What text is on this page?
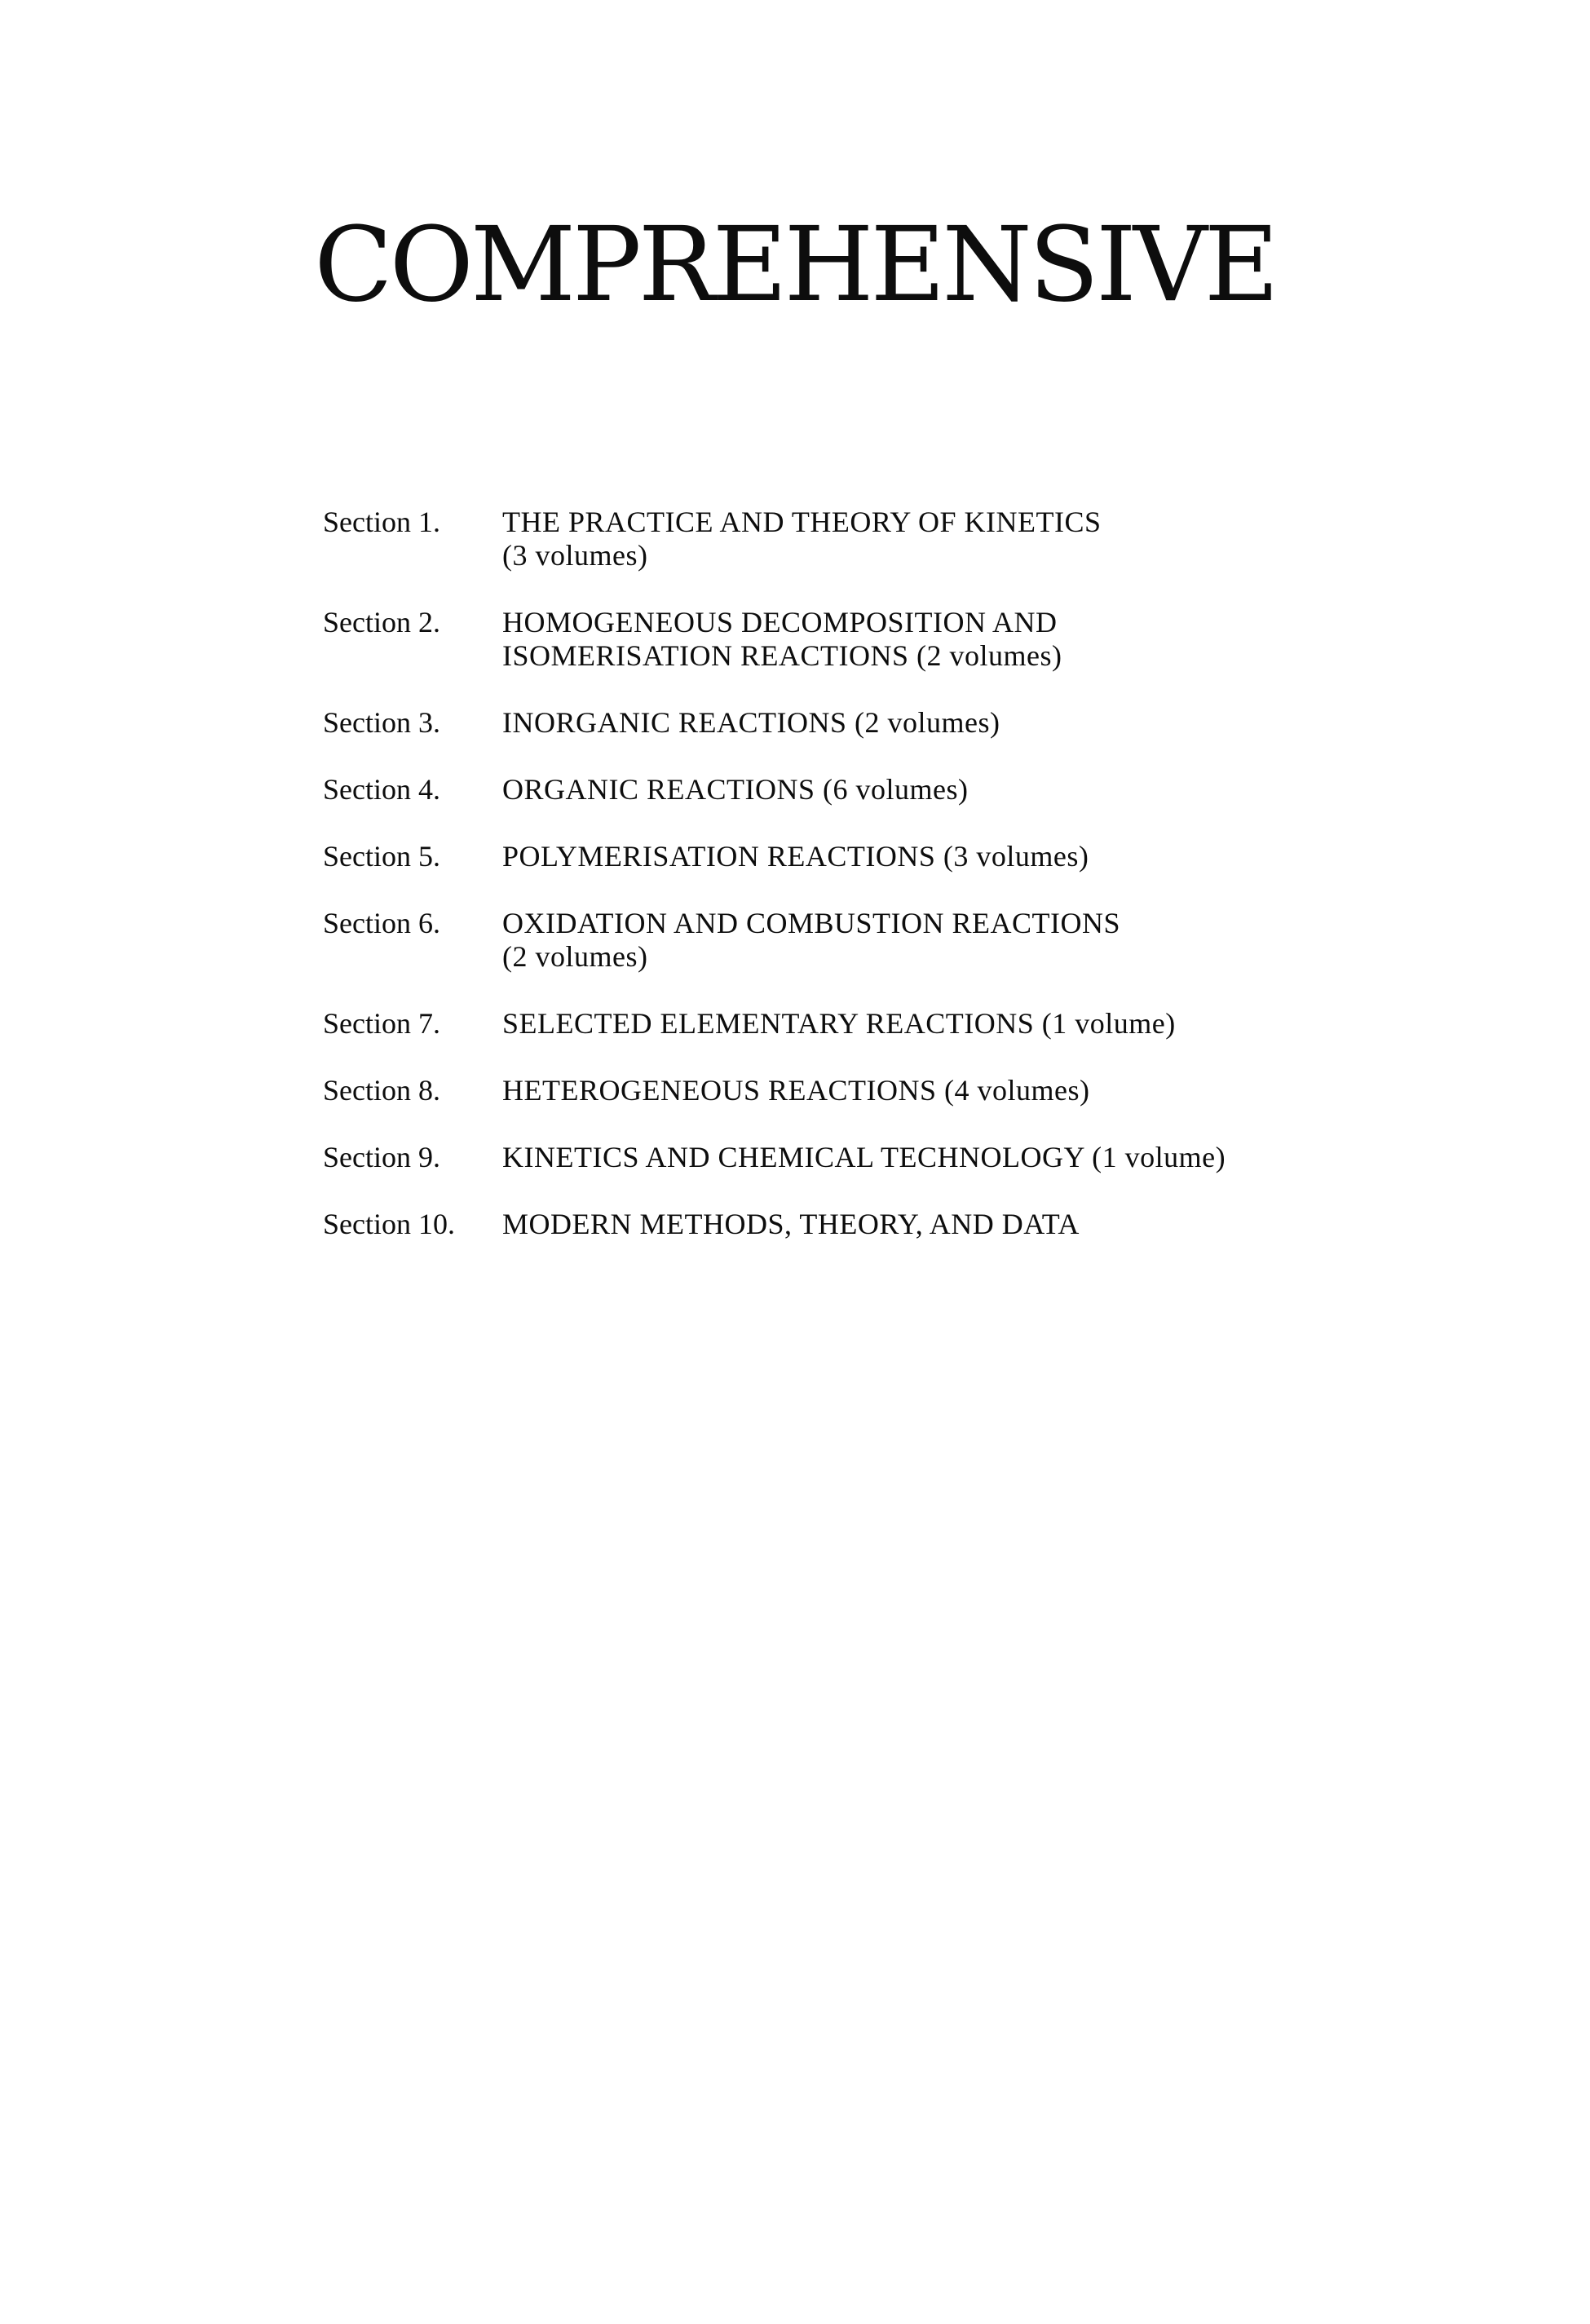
COMPREHENSIVE
Section 1.	THE PRACTICE AND THEORY OF KINETICS
(3 volumes)
Section 2.	HOMOGENEOUS DECOMPOSITION AND
ISOMERISATION REACTIONS (2 volumes)
Section 3.	INORGANIC REACTIONS (2 volumes)
Section 4.	ORGANIC REACTIONS (6 volumes)
Section 5.	POLYMERISATION REACTIONS (3 volumes)
Section 6.	OXIDATION AND COMBUSTION REACTIONS
(2 volumes)
Section 7.	SELECTED ELEMENTARY REACTIONS (1 volume)
Section 8.	HETEROGENEOUS REACTIONS (4 volumes)
Section 9.	KINETICS AND CHEMICAL TECHNOLOGY (1 volume)
Section 10.	MODERN METHODS, THEORY, AND DATA
